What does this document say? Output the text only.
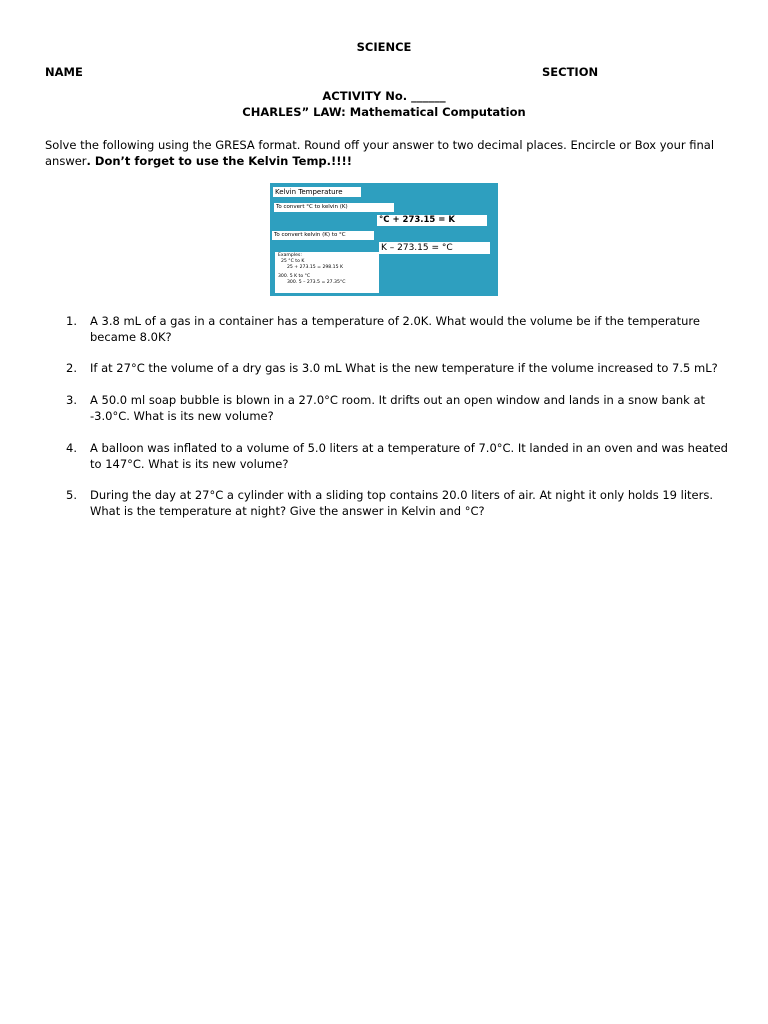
SCIENCE
NAME	SECTION
ACTIVITY No. ______
CHARLES” LAW: Mathematical Computation
Solve the following using the GRESA format. Round off your answer to two decimal places. Encircle or Box your final answer. Don’t forget to use the Kelvin Temp.!!!!
Kelvin Temperature
To convert °C to kelvin (K)
°C + 273.15 = K
To convert kelvin (K) to °C
K – 273.15 = °C
Examples:
25 °C to K
25 + 273.15 = 298.15 K
300. 5 K to °C
300. 5 – 273.5 = 27.35°C
1.	A 3.8 mL of a gas in a container has a temperature of 2.0K. What would the volume be if the temperature became 8.0K?
2.	If at 27°C the volume of a dry gas is 3.0 mL What is the new temperature if the volume increased to 7.5 mL?
3.	A 50.0 ml soap bubble is blown in a 27.0°C room. It drifts out an open window and lands in a snow bank at -3.0°C. What is its new volume?
4.	A balloon was inflated to a volume of 5.0 liters at a temperature of 7.0°C. It landed in an oven and was heated to 147°C. What is its new volume?
5.	During the day at 27°C a cylinder with a sliding top contains 20.0 liters of air. At night it only holds 19 liters. What is the temperature at night? Give the answer in Kelvin and °C?
